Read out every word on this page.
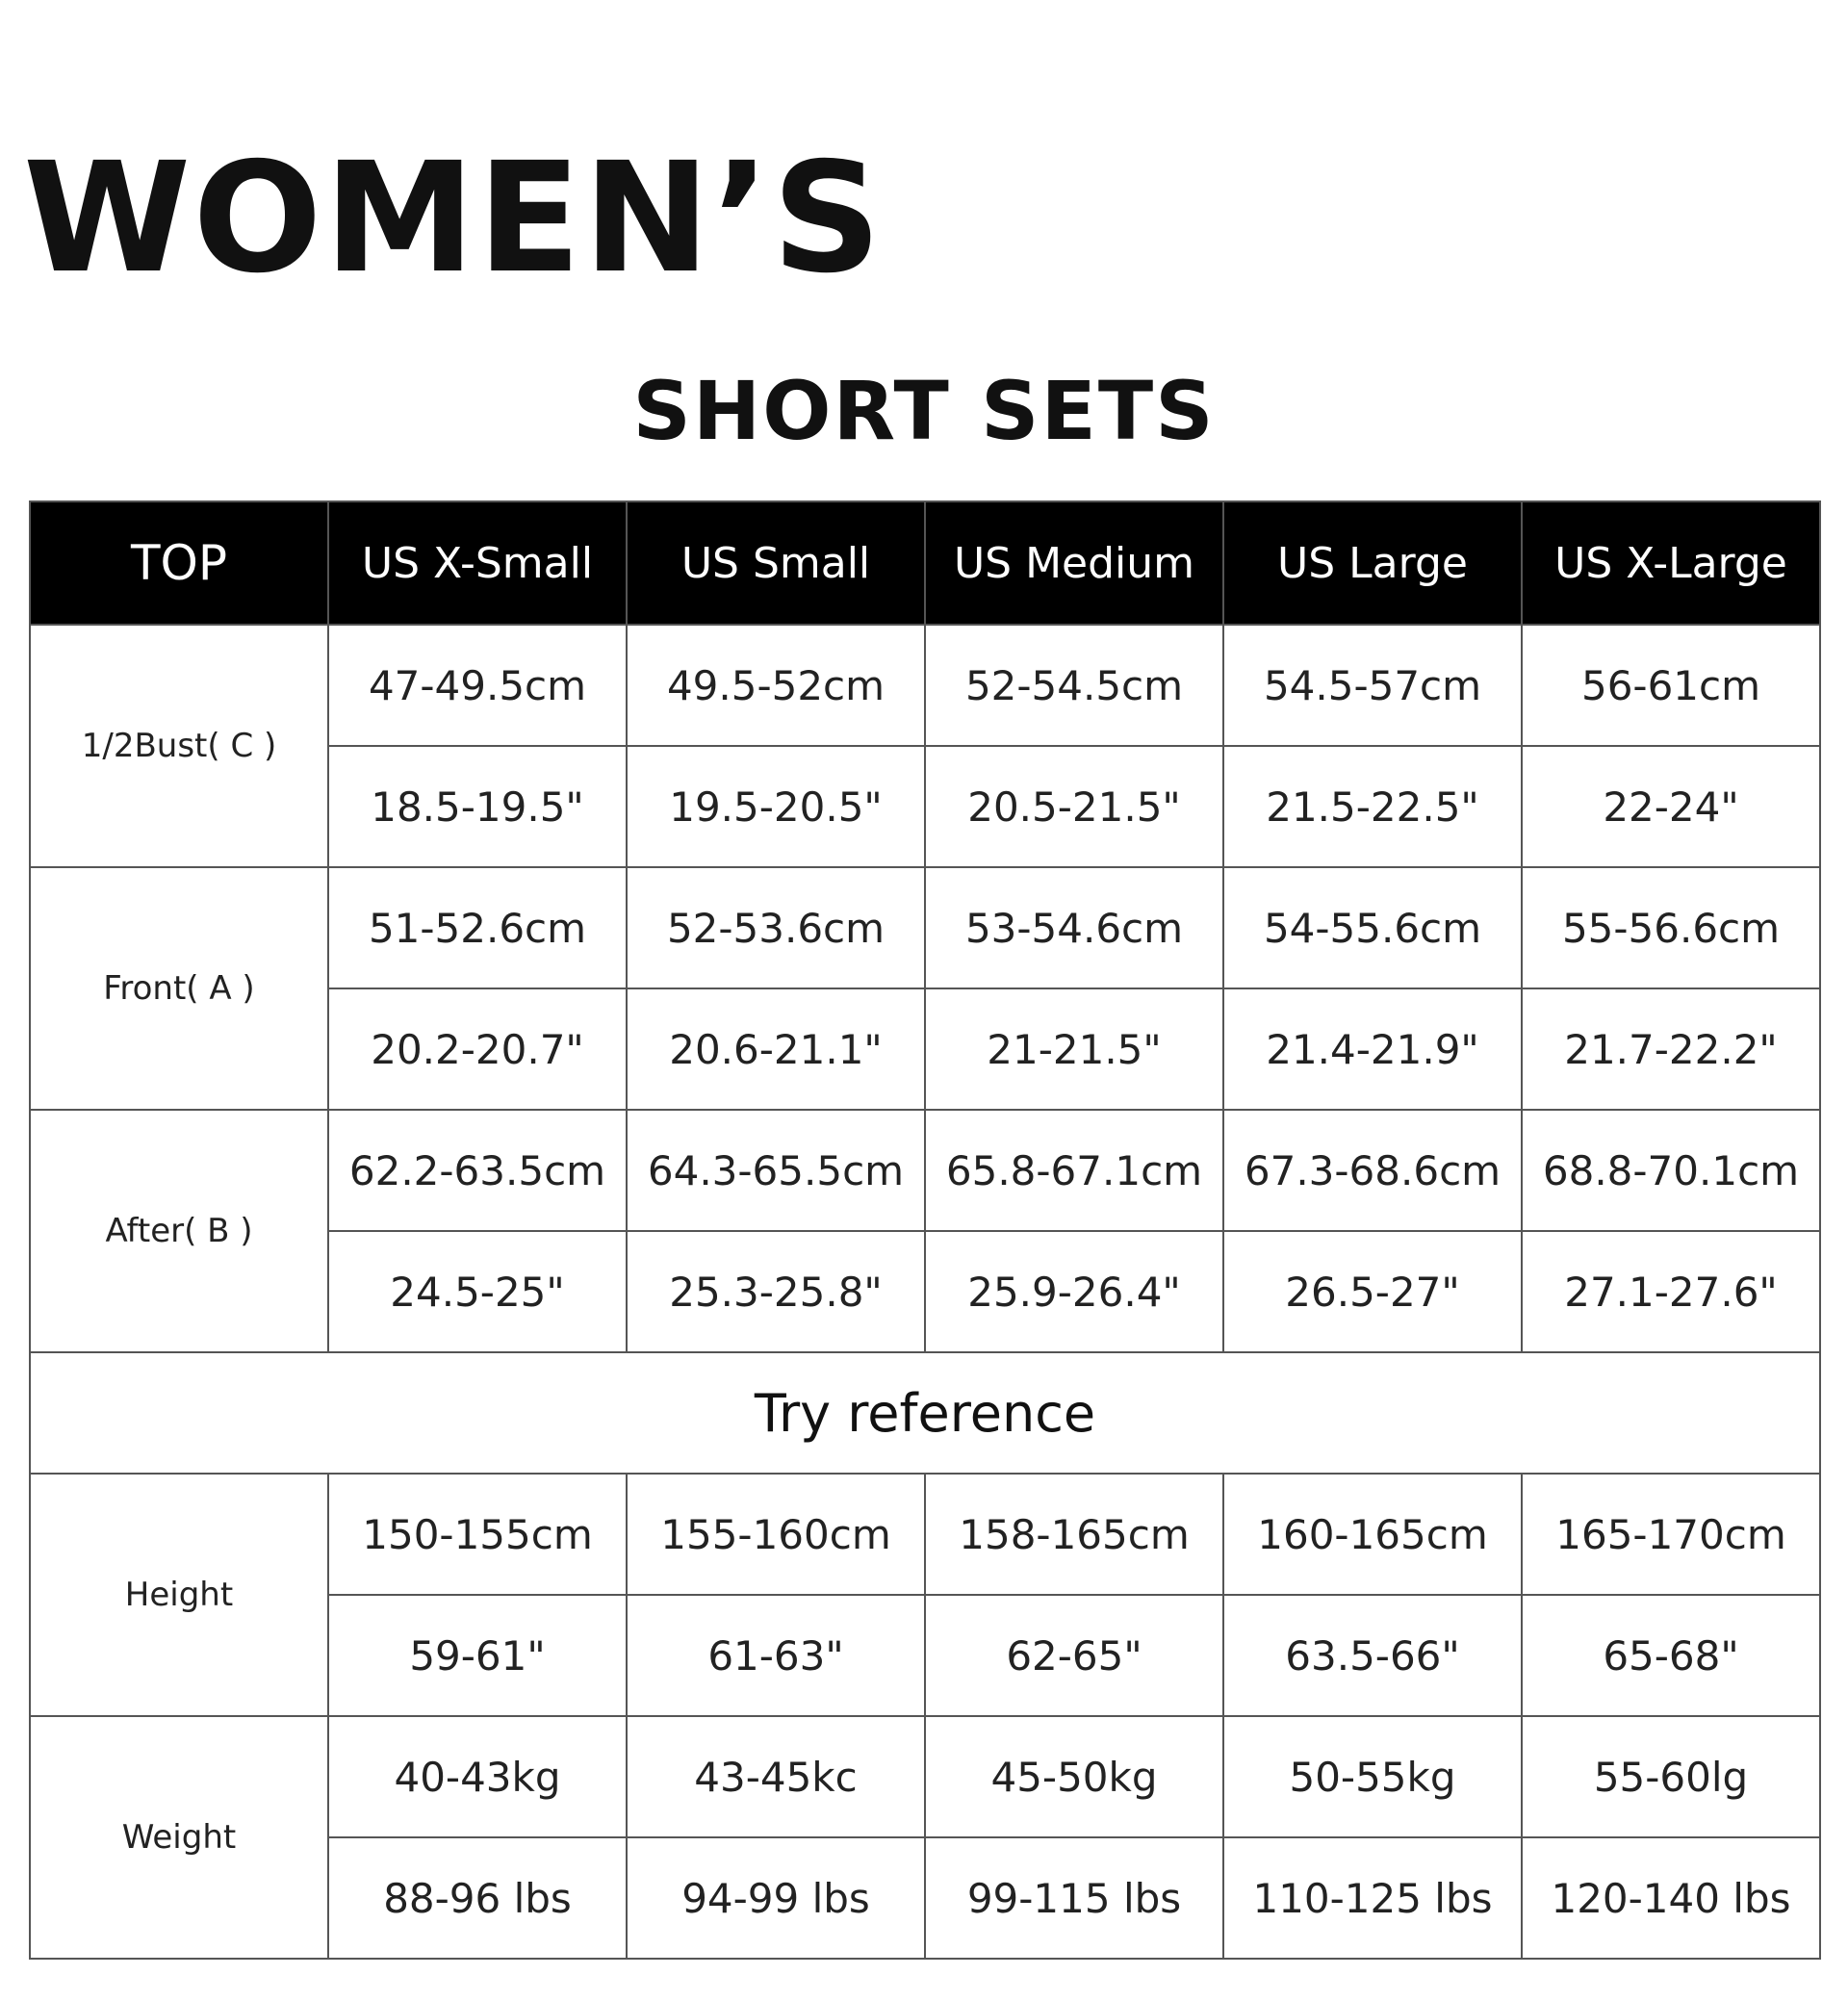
WOMEN’S
SHORT SETS
TOP	US X-Small	US Small	US Medium	US Large	US X-Large
1/2Bust( C )	47-49.5cm	49.5-52cm	52-54.5cm	54.5-57cm	56-61cm
	18.5-19.5"	19.5-20.5"	20.5-21.5"	21.5-22.5"	22-24"
Front( A )	51-52.6cm	52-53.6cm	53-54.6cm	54-55.6cm	55-56.6cm
	20.2-20.7"	20.6-21.1"	21-21.5"	21.4-21.9"	21.7-22.2"
After( B )	62.2-63.5cm	64.3-65.5cm	65.8-67.1cm	67.3-68.6cm	68.8-70.1cm
	24.5-25"	25.3-25.8"	25.9-26.4"	26.5-27"	27.1-27.6"
Try reference					
Height	150-155cm	155-160cm	158-165cm	160-165cm	165-170cm
	59-61"	61-63"	62-65"	63.5-66"	65-68"
Weight	40-43kg	43-45kc	45-50kg	50-55kg	55-60lg
	88-96 lbs	94-99 lbs	99-115 lbs	110-125 lbs	120-140 lbs
